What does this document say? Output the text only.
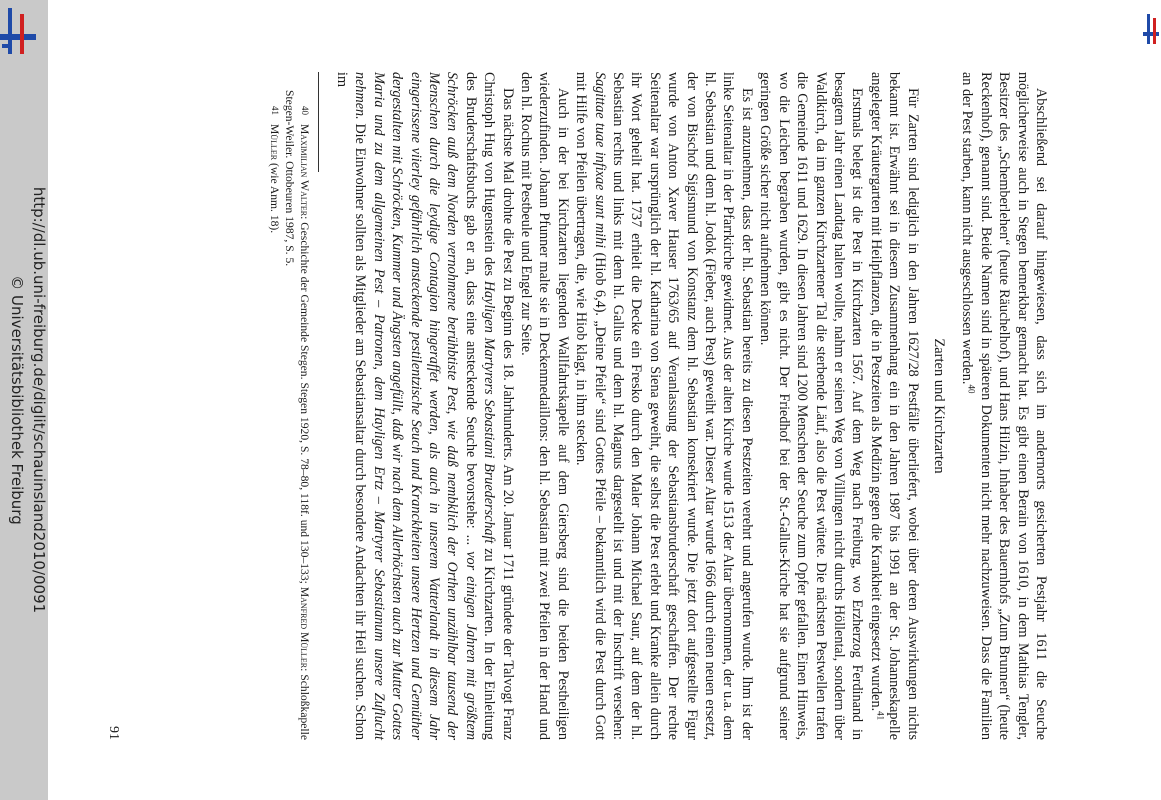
http://dl.ub.uni-freiburg.de/diglit/schauinsland2010/0091
© Universitätsbibliothek Freiburg	Abschließend sei darauf hingewiesen, dass sich im andernorts gesicherten Pestjahr 1611 die Seuche möglicherweise auch in Stegen bemerkbar gemacht hat. Es gibt einen Berain von 1610, in dem Mathias Tengler, Besitzer des „Schemberlehen“ (heute Räuchelhof), und Hans Hilzin, Inhaber des Bauernhofs „Zum Brunnen“ (heute Reckenhof), genannt sind. Beide Namen sind in späteren Dokumenten nicht mehr nachzuweisen. Dass die Familien an der Pest starben, kann nicht ausgeschlossen werden.$^{40}$

Zarten und Kirchzarten

Für Zarten sind lediglich in den Jahren 1627/28 Pestfälle überliefert, wobei über deren Auswirkungen nichts bekannt ist. Erwähnt sei in diesem Zusammenhang ein in den Jahren 1987 bis 1991 an der St. Johanneskapelle angelegter Kräutergarten mit Heilpflanzen, die in Pestzeiten als Medizin gegen die Krankheit eingesetzt wurden.$^{41}$

Erstmals belegt ist die Pest in Kirchzarten 1567. Auf dem Weg nach Freiburg, wo Erzherzog Ferdinand in besagtem Jahr einen Landtag halten wollte, nahm er seinen Weg von Villingen nicht durchs Höllental, sondern über Waldkirch, da im ganzen Kirchzartener Tal die sterbende Läuf, also die Pest wütete. Die nächsten Pestwellen trafen die Gemeinde 1611 und 1629. In diesen Jahren sind 1200 Menschen der Seuche zum Opfer gefallen. Einen Hinweis, wo die Leichen begraben wurden, gibt es nicht. Der Friedhof bei der St.-Gallus-Kirche hat sie aufgrund seiner geringen Größe sicher nicht aufnehmen können.

Es ist anzunehmen, dass der hl. Sebastian bereits zu diesen Pestzeiten verehrt und angerufen wurde. Ihm ist der linke Seitenaltar in der Pfarrkirche gewidmet. Aus der alten Kirche wurde 1513 der Altar übernommen, der u.a. dem hl. Sebastian und dem hl. Jodok (Fieber, auch Pest) geweiht war. Dieser Altar wurde 1666 durch einen neuen ersetzt, der von Bischof Sigismund von Konstanz dem hl. Sebastian konsekriert wurde. Die jetzt dort aufgestellte Figur wurde von Anton Xaver Hauser 1763/65 auf Veranlassung der Sebastiansbruderschaft geschaffen. Der rechte Seitenaltar war ursprünglich der hl. Katharina von Siena geweiht, die selbst die Pest erlebt und Kranke allein durch ihr Wort geheilt hat. 1737 erhielt die Decke ein Fresko durch den Maler Johann Michael Saur, auf dem der hl. Sebastian rechts und links mit dem hl. Gallus und dem hl. Magnus dargestellt ist und mit der Inschrift versehen: Sagittae tuae infixae sunt mihi (Hiob 6,4). „Deine Pfeile“ sind Gottes Pfeile – bekanntlich wird die Pest durch Gott mit Hilfe von Pfeilen übertragen, die, wie Hiob klagt, in ihm stecken.

Auch in der bei Kirchzarten liegenden Wallfahrtskapelle auf dem Giersberg sind die beiden Pestheiligen wiederzufinden. Johann Pfunner malte sie in Deckenmedaillons: den hl. Sebastian mit zwei Pfeilen in der Hand und den hl. Rochus mit Pestbeule und Engel zur Seite.

Das nächste Mal drohte die Pest zu Beginn des 18. Jahrhunderts. Am 20. Januar 1711 gründete der Talvogt Franz Christoph Hug von Hugenstein des Hayligen Martyrers Sebastiani Bruederschaft zu Kirchzarten. In der Einleitung des Bruderschaftsbuchs gab er an, dass eine ansteckende Seuche bevorstehe: ... vor einigen Jahren mit größtem Schröcken auß dem Norden vernohmene berühbtiste Pest, wie daß nembklich der Orthen unzählbar tausend der Menschen durch die leydige Contagion hingeraffet werden, als auch in unserem Vatterlandt in diesem Jahr eingerissene viierley gefährlich ansteckende pestilentzische Seuch und Kranckheiten unsere Hertzen und Gemüther dergestalten mit Schröcken, Kummer und Ängsten angefüllt, daß wir nach dem Allerhöchsten auch zur Mutter Gottes Maria und zu dem allgemeinen Pest – Patronen, dem Hayligen Ertz – Martyrer Sebastianum unsere Zuflucht nehmen. Die Einwohner sollten als Mitglieder am Sebastiansaltar durch besondere Andachten ihr Heil suchen. Schon im

40Maximilian Walter: Geschichte der Gemeinde Stegen. Stegen 1920, S. 78–80, 118f. und 130–133; Manfred Müller: Schloßkapelle Stegen-Weiler. Ottobeuren 1987, S. 5.

41Müller (wie Anm. 18).

91
